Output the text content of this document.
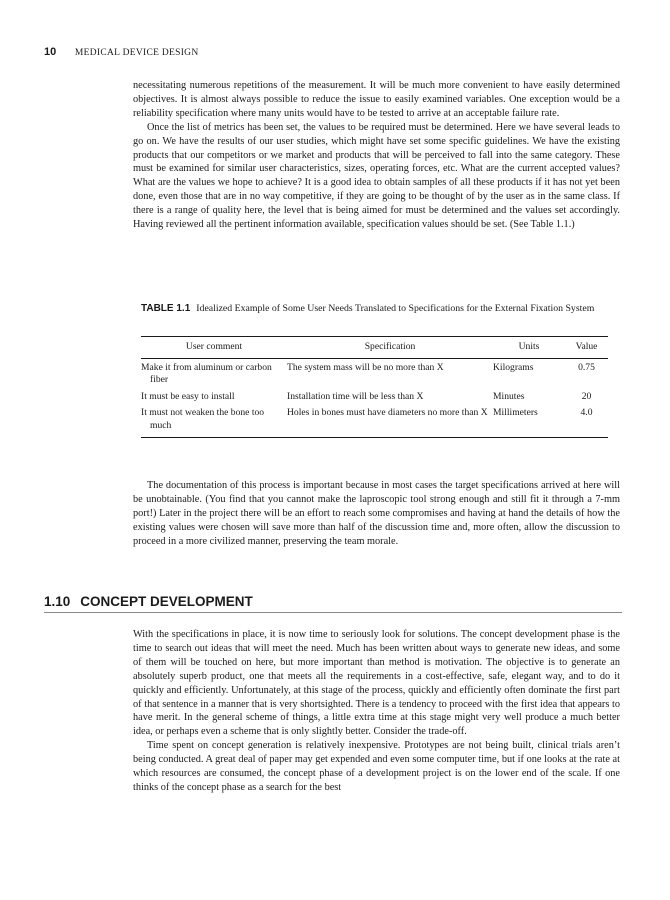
10 MEDICAL DEVICE DESIGN

necessitating numerous repetitions of the measurement. It will be much more convenient to have easily determined objectives. It is almost always possible to reduce the issue to easily examined variables. One exception would be a reliability specification where many units would have to be tested to arrive at an acceptable failure rate.

Once the list of metrics has been set, the values to be required must be determined. Here we have several leads to go on. We have the results of our user studies, which might have set some specific guidelines. We have the existing products that our competitors or we market and products that will be perceived to fall into the same category. These must be examined for similar user characteristics, sizes, operating forces, etc. What are the current accepted values? What are the values we hope to achieve? It is a good idea to obtain samples of all these products if it has not yet been done, even those that are in no way competitive, if they are going to be thought of by the user as in the same class. If there is a range of quality here, the level that is being aimed for must be determined and the values set accordingly. Having reviewed all the pertinent information available, specification values should be set. (See Table 1.1.)

TABLE 1.1 Idealized Example of Some User Needs Translated to Specifications for the External Fixation System
User comment	Specification	Units	Value

Make it from aluminum or carbon fiber	The system mass will be no more than X	Kilograms	0.75

It must be easy to install	Installation time will be less than X	Minutes	20

It must not weaken the bone too much	Holes in bones must have diameters no more than X	Millimeters	4.0

The documentation of this process is important because in most cases the target specifications arrived at here will be unobtainable. (You find that you cannot make the laproscopic tool strong enough and still fit it through a 7-mm port!) Later in the project there will be an effort to reach some compromises and having at hand the details of how the existing values were chosen will save more than half of the discussion time and, more often, allow the discussion to proceed in a more civilized manner, preserving the team morale.

1.10 CONCEPT DEVELOPMENT

With the specifications in place, it is now time to seriously look for solutions. The concept development phase is the time to search out ideas that will meet the need. Much has been written about ways to generate new ideas, and some of them will be touched on here, but more important than method is motivation. The objective is to generate an absolutely superb product, one that meets all the requirements in a cost-effective, safe, elegant way, and to do it quickly and efficiently. Unfortunately, at this stage of the process, quickly and efficiently often dominate the first part of that sentence in a manner that is very shortsighted. There is a tendency to proceed with the first idea that appears to have merit. In the general scheme of things, a little extra time at this stage might very well produce a much better idea, or perhaps even a scheme that is only slightly better. Consider the trade-off.

Time spent on concept generation is relatively inexpensive. Prototypes are not being built, clinical trials aren’t being conducted. A great deal of paper may get expended and even some computer time, but if one looks at the rate at which resources are consumed, the concept phase of a development project is on the lower end of the scale. If one thinks of the concept phase as a search for the best
